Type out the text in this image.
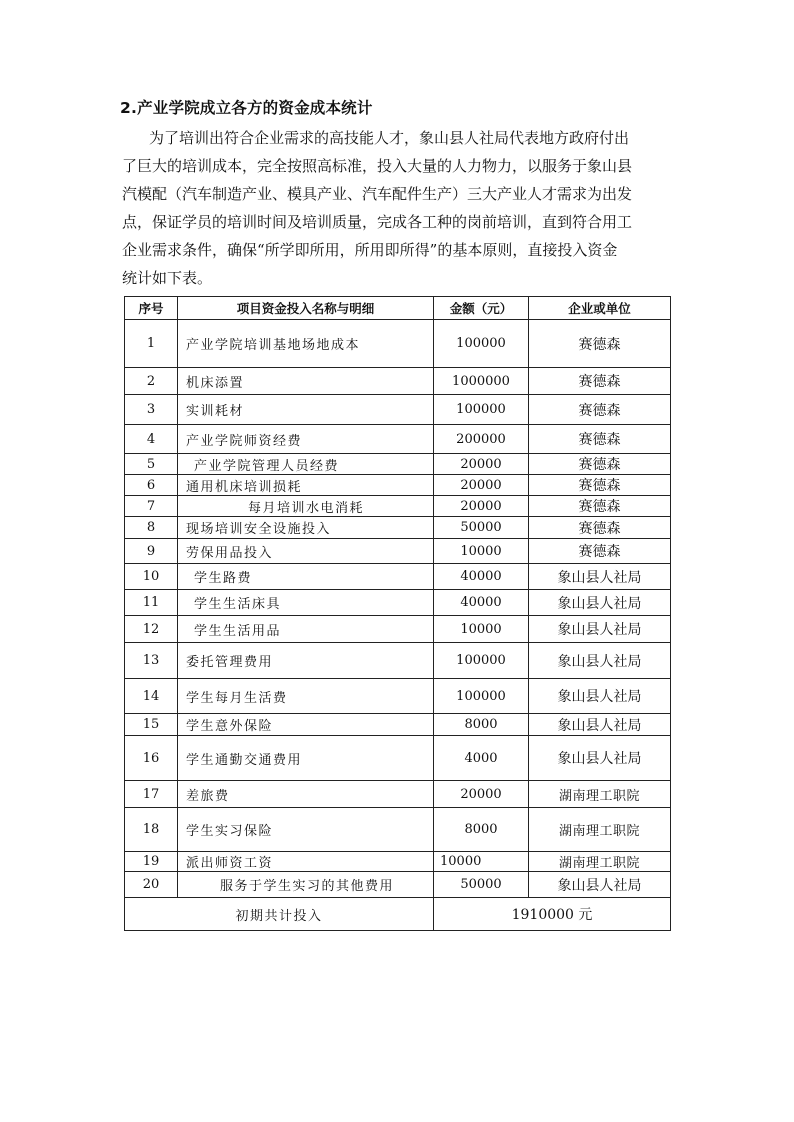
2.产业学院成立各方的资金成本统计
为了培训出符合企业需求的高技能人才，象山县人社局代表地方政府付出
了巨大的培训成本，完全按照高标准，投入大量的人力物力，以服务于象山县
汽模配（汽车制造产业、模具产业、汽车配件生产）三大产业人才需求为出发
点，保证学员的培训时间及培训质量，完成各工种的岗前培训，直到符合用工
企业需求条件，确保“所学即所用，所用即所得”的基本原则，直接投入资金
统计如下表。
序号	项目资金投入名称与明细	金额（元）	企业或单位
1	产业学院培训基地场地成本	100000	赛德森
2	机床添置	1000000	赛德森
3	实训耗材	100000	赛德森
4	产业学院师资经费	200000	赛德森
5	产业学院管理人员经费	20000	赛德森
6	通用机床培训损耗	20000	赛德森
7	每月培训水电消耗	20000	赛德森
8	现场培训安全设施投入	50000	赛德森
9	劳保用品投入	10000	赛德森
10	学生路费	40000	象山县人社局
11	学生生活床具	40000	象山县人社局
12	学生生活用品	10000	象山县人社局
13	委托管理费用	100000	象山县人社局
14	学生每月生活费	100000	象山县人社局
15	学生意外保险	8000	象山县人社局
16	学生通勤交通费用	4000	象山县人社局
17	差旅费	20000	湖南理工职院
18	学生实习保险	8000	湖南理工职院
19	派出师资工资	10000	湖南理工职院
20	服务于学生实习的其他费用	50000	象山县人社局
初期共计投入		1910000 元	
